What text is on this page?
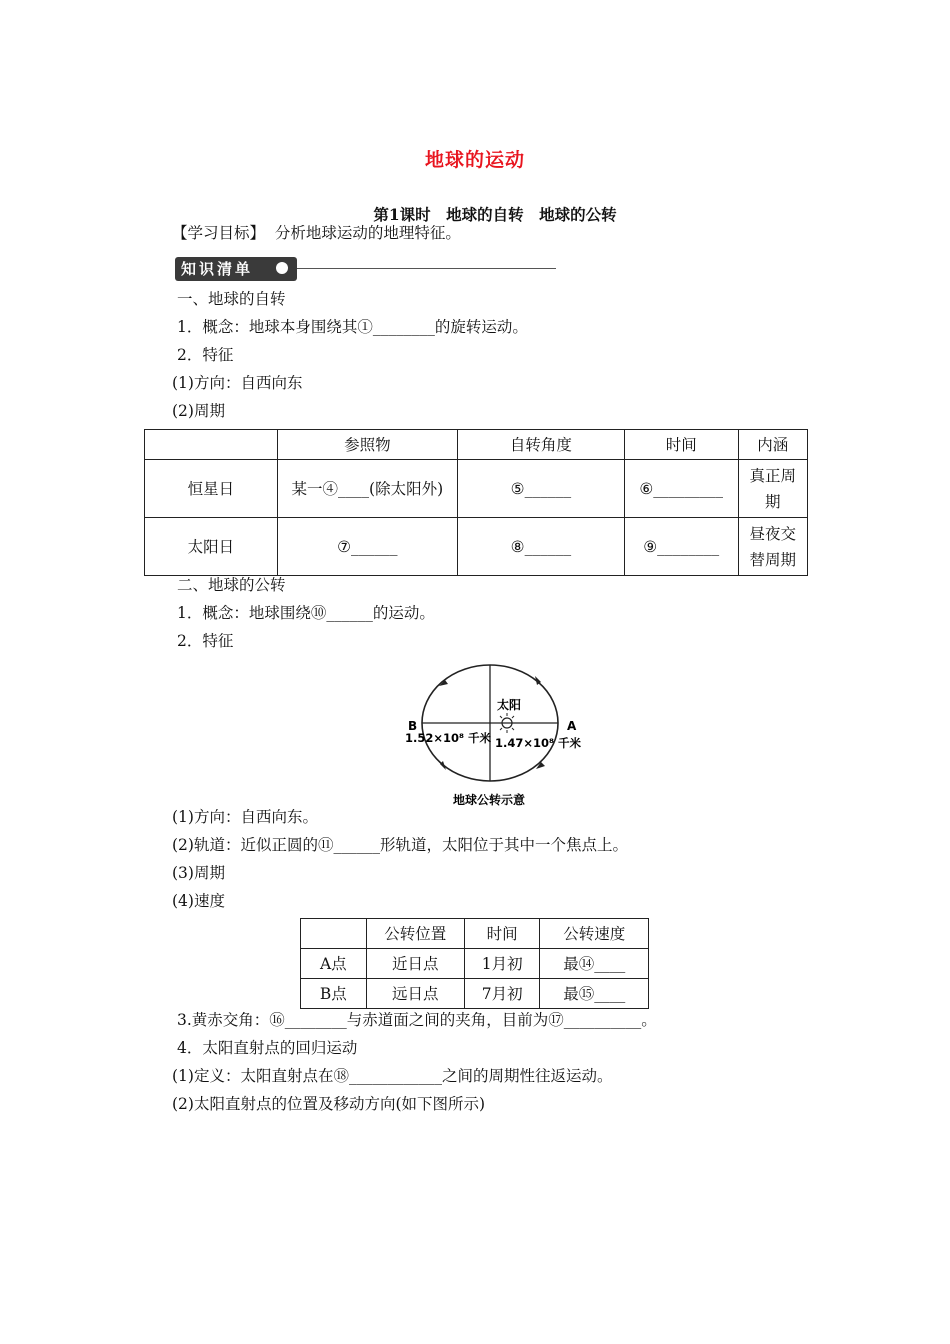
地球的运动
第1课时　地球的自转　地球的公转
【学习目标】  分析地球运动的地理特征。
知识清单
一、地球的自转
1．概念：地球本身围绕其①________的旋转运动。
2．特征
(1)方向：自西向东
(2)周期
	参照物	自转角度	时间	内涵
恒星日	某一④____(除太阳外)	⑤______	⑥_________	真正周期
太阳日	⑦______	⑧______	⑨________	昼夜交替周期
二、地球的公转
1．概念：地球围绕⑩______的运动。
2．特征
太阳
B	A
1.52×10⁸ 千米 1.47×10⁸ 千米
地球公转示意
(1)方向：自西向东。
(2)轨道：近似正圆的⑪______形轨道，太阳位于其中一个焦点上。
(3)周期
(4)速度
	公转位置	时间	公转速度
A点	近日点	1月初	最⑭____
B点	远日点	7月初	最⑮____
3.黄赤交角：⑯________与赤道面之间的夹角，目前为⑰__________。
4．太阳直射点的回归运动
(1)定义：太阳直射点在⑱____________之间的周期性往返运动。
(2)太阳直射点的位置及移动方向(如下图所示)
